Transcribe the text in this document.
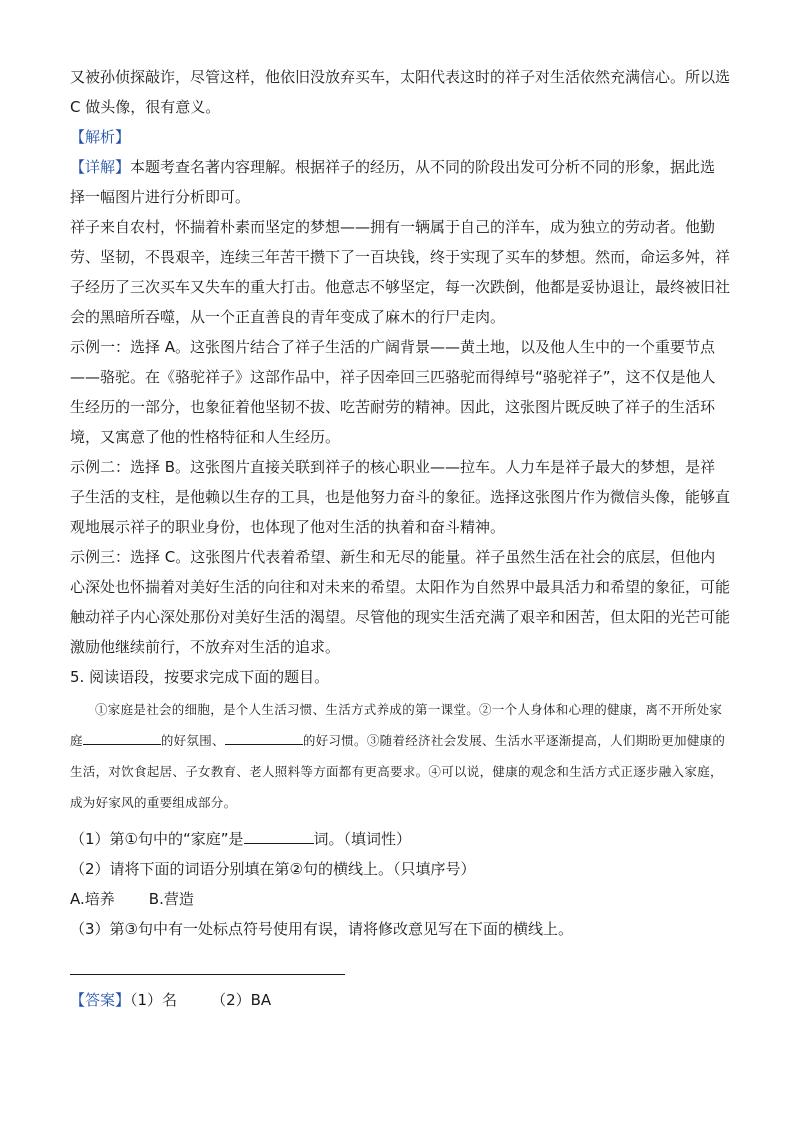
又被孙侦探敲诈，尽管这样，他依旧没放弃买车，太阳代表这时的祥子对生活依然充满信心。所以选 C 做头像，很有意义。

【解析】

【详解】本题考查名著内容理解。根据祥子的经历，从不同的阶段出发可分析不同的形象，据此选择一幅图片进行分析即可。

祥子来自农村，怀揣着朴素而坚定的梦想——拥有一辆属于自己的洋车，成为独立的劳动者。他勤劳、坚韧，不畏艰辛，连续三年苦干攒下了一百块钱，终于实现了买车的梦想。然而，命运多舛，祥子经历了三次买车又失车的重大打击。他意志不够坚定，每一次跌倒，他都是妥协退让，最终被旧社会的黑暗所吞噬，从一个正直善良的青年变成了麻木的行尸走肉。

示例一：选择 A。这张图片结合了祥子生活的广阔背景——黄土地，以及他人生中的一个重要节点——骆驼。在《骆驼祥子》这部作品中，祥子因牵回三匹骆驼而得绰号“骆驼祥子”，这不仅是他人生经历的一部分，也象征着他坚韧不拔、吃苦耐劳的精神。因此，这张图片既反映了祥子的生活环境，又寓意了他的性格特征和人生经历。

示例二：选择 B。这张图片直接关联到祥子的核心职业——拉车。人力车是祥子最大的梦想，是祥子生活的支柱，是他赖以生存的工具，也是他努力奋斗的象征。选择这张图片作为微信头像，能够直观地展示祥子的职业身份，也体现了他对生活的执着和奋斗精神。

示例三：选择 C。这张图片代表着希望、新生和无尽的能量。祥子虽然生活在社会的底层，但他内心深处也怀揣着对美好生活的向往和对未来的希望。太阳作为自然界中最具活力和希望的象征，可能触动祥子内心深处那份对美好生活的渴望。尽管他的现实生活充满了艰辛和困苦，但太阳的光芒可能激励他继续前行，不放弃对生活的追求。

5. 阅读语段，按要求完成下面的题目。

①家庭是社会的细胞，是个人生活习惯、生活方式养成的第一课堂。②一个人身体和心理的健康，离不开所处家庭	的好氛围、	的好习惯。③随着经济社会发展、生活水平逐渐提高，人们期盼更加健康的生活，对饮食起居、子女教育、老人照料等方面都有更高要求。④可以说，健康的观念和生活方式正逐步融入家庭，成为好家风的重要组成部分。

（1）第①句中的“家庭”是	词。（填词性）

（2）请将下面的词语分别填在第②句的横线上。（只填序号）

A.培养 B.营造

（3）第③句中有一处标点符号使用有误，请将修改意见写在下面的横线上。

【答案】（1）名 （2）BA
